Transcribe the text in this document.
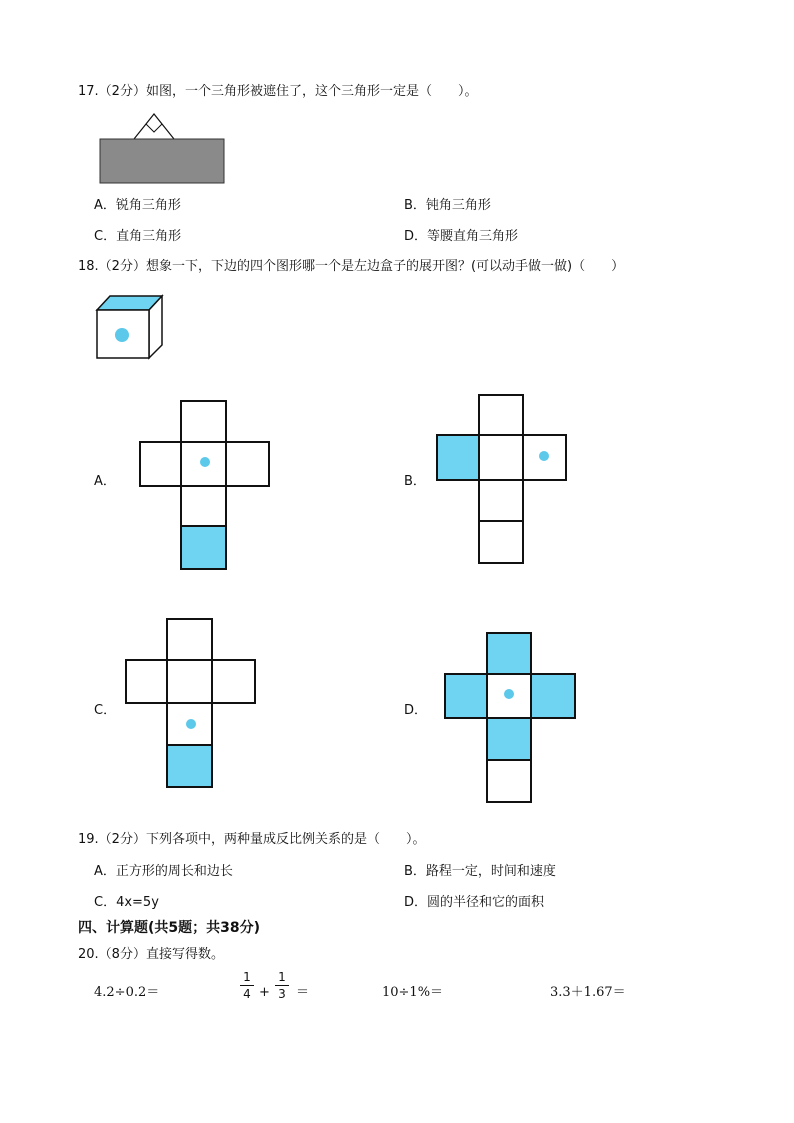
17.（2分）如图，一个三角形被遮住了，这个三角形一定是（　　）。
A．锐角三角形	B．钝角三角形
C．直角三角形	D．等腰直角三角形
18.（2分）想象一下，下边的四个图形哪一个是左边盒子的展开图？(可以动手做一做)（　　）
A．	B．
C．	D．
19.（2分）下列各项中，两种量成反比例关系的是（　　）。
A．正方形的周长和边长	B．路程一定，时间和速度
C．4x=5y	D．圆的半径和它的面积
四、计算题(共5题；共38分)
20.（8分）直接写得数。
4.2÷0.2＝
1
4 +
1
3 ＝	10÷1%＝	3.3＋1.67＝
